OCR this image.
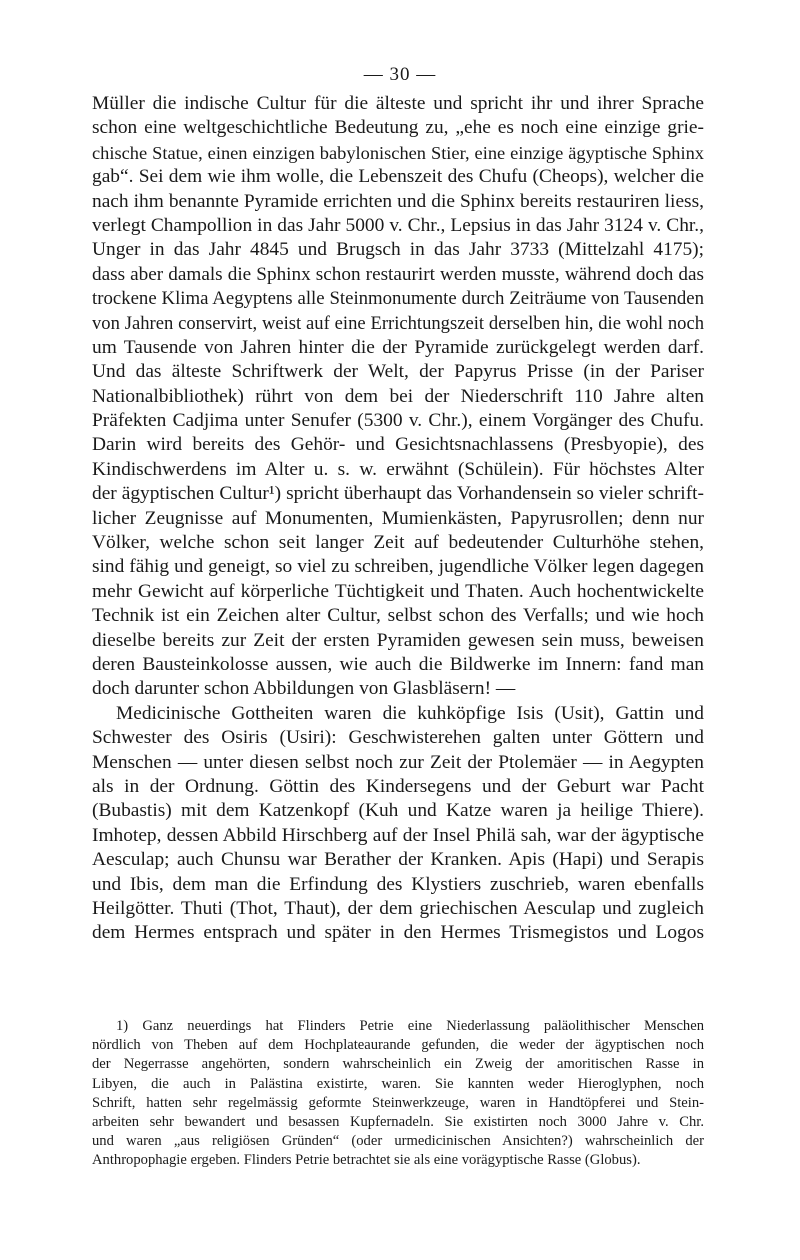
— 30 —
Müller die indische Cultur für die älteste und spricht ihr und ihrer Sprache
schon eine weltgeschichtliche Bedeutung zu, „ehe es noch eine einzige grie-
chische Statue, einen einzigen babylonischen Stier, eine einzige ägyptische Sphinx
gab“. Sei dem wie ihm wolle, die Lebenszeit des Chufu (Cheops), welcher die
nach ihm benannte Pyramide errichten und die Sphinx bereits restauriren liess,
verlegt Champollion in das Jahr 5000 v. Chr., Lepsius in das Jahr 3124 v. Chr.,
Unger in das Jahr 4845 und Brugsch in das Jahr 3733 (Mittelzahl 4175);
dass aber damals die Sphinx schon restaurirt werden musste, während doch das
trockene Klima Aegyptens alle Steinmonumente durch Zeiträume von Tausenden
von Jahren conservirt, weist auf eine Errichtungszeit derselben hin, die wohl noch
um Tausende von Jahren hinter die der Pyramide zurückgelegt werden darf.
Und das älteste Schriftwerk der Welt, der Papyrus Prisse (in der Pariser
Nationalbibliothek) rührt von dem bei der Niederschrift 110 Jahre alten
Präfekten Cadjima unter Senufer (5300 v. Chr.), einem Vorgänger des Chufu.
Darin wird bereits des Gehör- und Gesichtsnachlassens (Presbyopie), des
Kindischwerdens im Alter u. s. w. erwähnt (Schülein). Für höchstes Alter
der ägyptischen Cultur¹) spricht überhaupt das Vorhandensein so vieler schrift-
licher Zeugnisse auf Monumenten, Mumienkästen, Papyrusrollen; denn nur
Völker, welche schon seit langer Zeit auf bedeutender Culturhöhe stehen,
sind fähig und geneigt, so viel zu schreiben, jugendliche Völker legen dagegen
mehr Gewicht auf körperliche Tüchtigkeit und Thaten. Auch hochentwickelte
Technik ist ein Zeichen alter Cultur, selbst schon des Verfalls; und wie hoch
dieselbe bereits zur Zeit der ersten Pyramiden gewesen sein muss, beweisen
deren Bausteinkolosse aussen, wie auch die Bildwerke im Innern: fand man
doch darunter schon Abbildungen von Glasbläsern! —
Medicinische Gottheiten waren die kuhköpfige Isis (Usit), Gattin und
Schwester des Osiris (Usiri): Geschwisterehen galten unter Göttern und
Menschen — unter diesen selbst noch zur Zeit der Ptolemäer — in Aegypten
als in der Ordnung. Göttin des Kindersegens und der Geburt war Pacht
(Bubastis) mit dem Katzenkopf (Kuh und Katze waren ja heilige Thiere).
Imhotep, dessen Abbild Hirschberg auf der Insel Philä sah, war der ägyptische
Aesculap; auch Chunsu war Berather der Kranken. Apis (Hapi) und Serapis
und Ibis, dem man die Erfindung des Klystiers zuschrieb, waren ebenfalls
Heilgötter. Thuti (Thot, Thaut), der dem griechischen Aesculap und zugleich
dem Hermes entsprach und später in den Hermes Trismegistos und Logos
1) Ganz neuerdings hat Flinders Petrie eine Niederlassung paläolithischer Menschen
nördlich von Theben auf dem Hochplateaurande gefunden, die weder der ägyptischen noch
der Negerrasse angehörten, sondern wahrscheinlich ein Zweig der amoritischen Rasse in
Libyen, die auch in Palästina existirte, waren. Sie kannten weder Hieroglyphen, noch
Schrift, hatten sehr regelmässig geformte Steinwerkzeuge, waren in Handtöpferei und Stein-
arbeiten sehr bewandert und besassen Kupfernadeln. Sie existirten noch 3000 Jahre v. Chr.
und waren „aus religiösen Gründen“ (oder urmedicinischen Ansichten?) wahrscheinlich der
Anthropophagie ergeben. Flinders Petrie betrachtet sie als eine vorägyptische Rasse (Globus).
